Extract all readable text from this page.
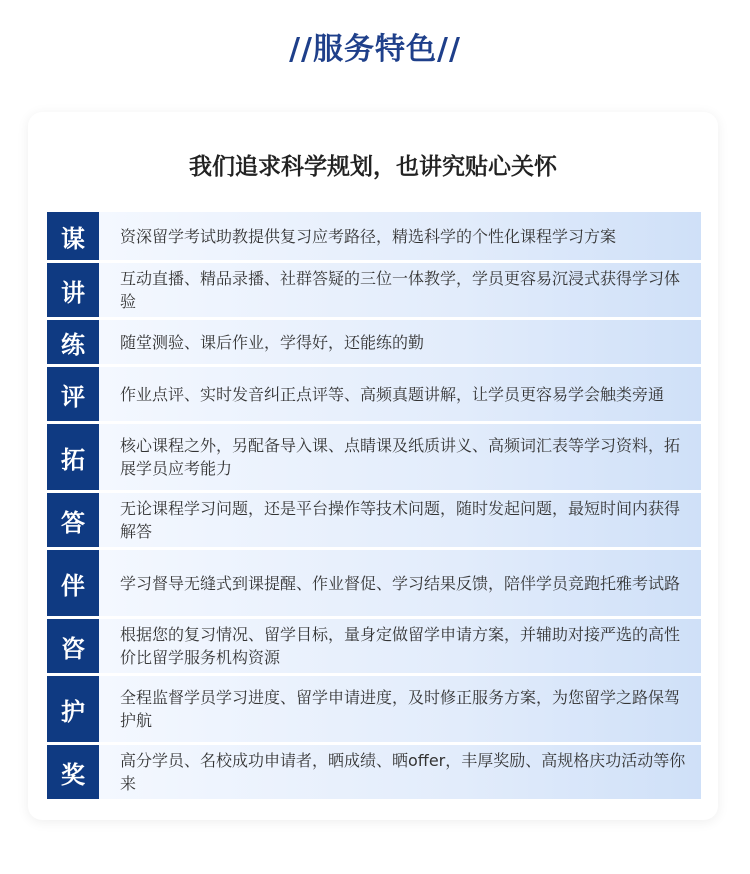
//服务特色//
我们追求科学规划，也讲究贴心关怀
谋	资深留学考试助教提供复习应考路径，精选科学的个性化课程学习方案
讲	互动直播、精品录播、社群答疑的三位一体教学，学员更容易沉浸式获得学习体验
练	随堂测验、课后作业，学得好，还能练的勤
评	作业点评、实时发音纠正点评等、高频真题讲解，让学员更容易学会触类旁通
拓	核心课程之外，另配备导入课、点睛课及纸质讲义、高频词汇表等学习资料，拓展学员应考能力
答	无论课程学习问题，还是平台操作等技术问题，随时发起问题，最短时间内获得解答
伴	学习督导无缝式到课提醒、作业督促、学习结果反馈，陪伴学员竞跑托雅考试路
咨	根据您的复习情况、留学目标，量身定做留学申请方案，并辅助对接严选的高性价比留学服务机构资源
护	全程监督学员学习进度、留学申请进度，及时修正服务方案，为您留学之路保驾护航
奖	高分学员、名校成功申请者，晒成绩、晒offer，丰厚奖励、高规格庆功活动等你来
